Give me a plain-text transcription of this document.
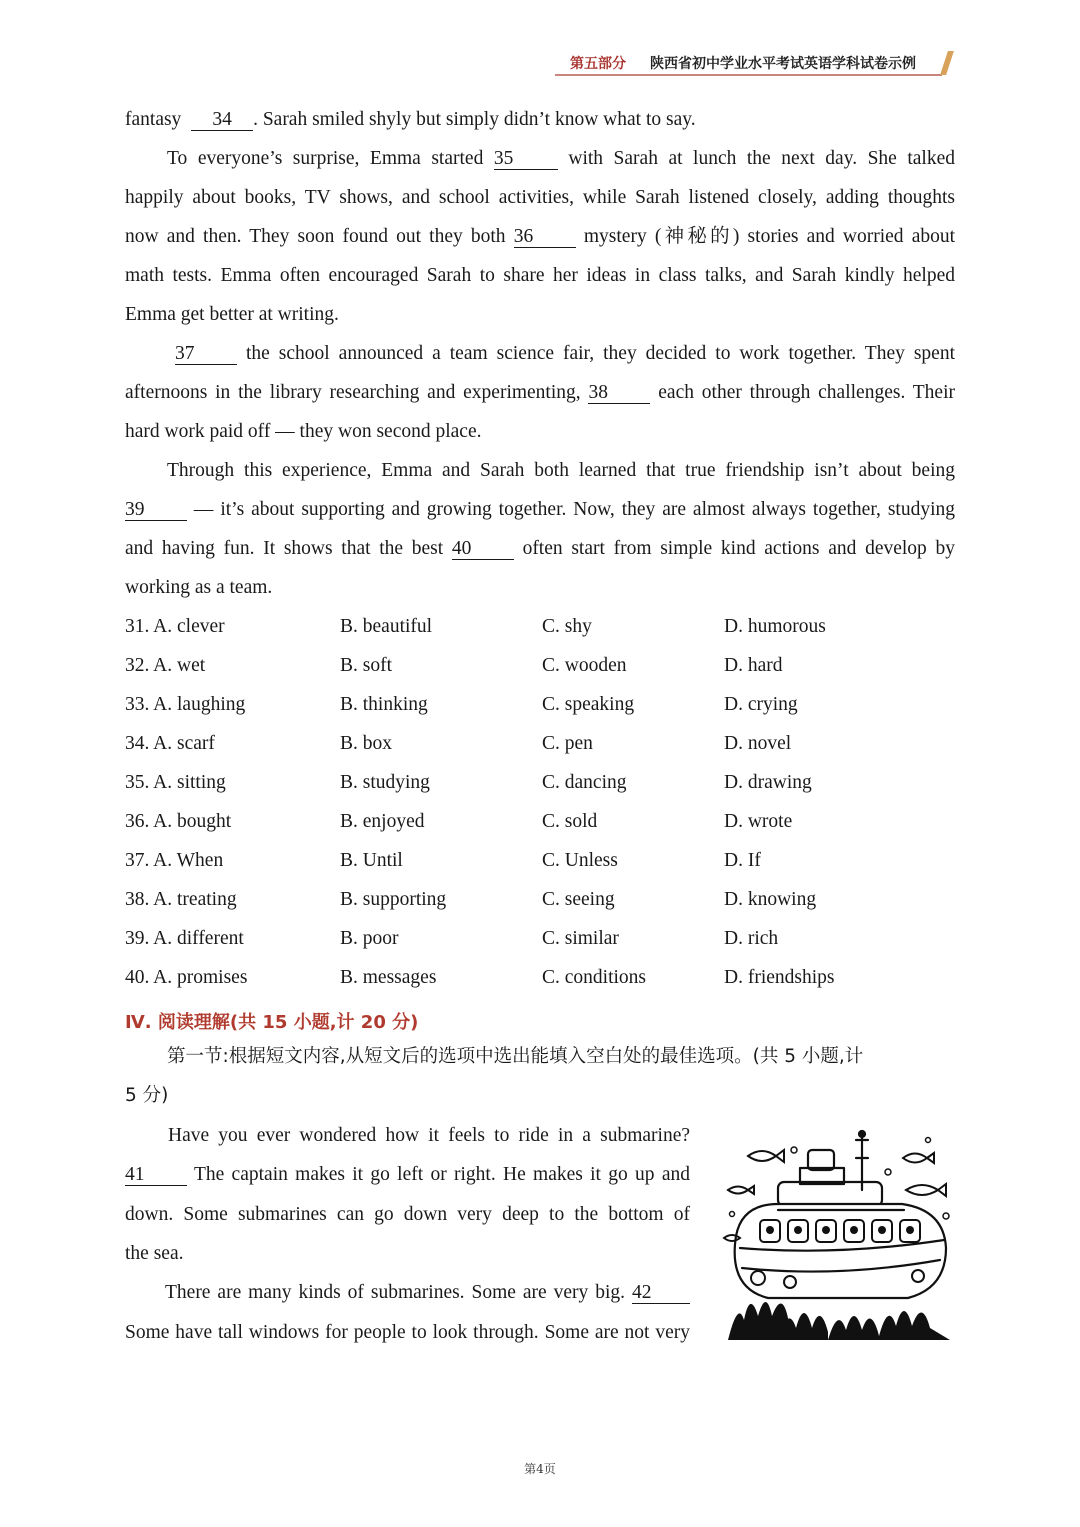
第五部分 陕西省初中学业水平考试英语学科试卷示例
fantasy 34 . Sarah smiled shyly but simply didn’t know what to say.
To everyone’s surprise, Emma started 35	with Sarah at lunch the next day. She talked
happily about books, TV shows, and school activities, while Sarah listened closely, adding thoughts
now and then. They soon found out they both 36	mystery (神秘的) stories and worried about
math tests. Emma often encouraged Sarah to share her ideas in class talks, and Sarah kindly helped
Emma get better at writing.
37	the school announced a team science fair, they decided to work together. They spent
afternoons in the library researching and experimenting, 38	each other through challenges. Their
hard work paid off — they won second place.
Through this experience, Emma and Sarah both learned that true friendship isn’t about being
39	— it’s about supporting and growing together. Now, they are almost always together, studying
and having fun. It shows that the best 40	often start from simple kind actions and develop by
working as a team.
31. A. clever	B. beautiful	C. shy	D. humorous
32. A. wet	B. soft	C. wooden	D. hard
33. A. laughing	B. thinking	C. speaking	D. crying
34. A. scarf	B. box	C. pen	D. novel
35. A. sitting	B. studying	C. dancing	D. drawing
36. A. bought	B. enjoyed	C. sold	D. wrote
37. A. When	B. Until	C. Unless	D. If
38. A. treating	B. supporting	C. seeing	D. knowing
39. A. different	B. poor	C. similar	D. rich
40. A. promises	B. messages	C. conditions	D. friendships
Ⅳ. 阅读理解(共 15 小题,计 20 分)
第一节:根据短文内容,从短文后的选项中选出能填入空白处的最佳选项。(共 5 小题,计
5 分)
Have you ever wondered how it feels to ride in a submarine?
41	The captain makes it go left or right. He makes it go up and
down. Some submarines can go down very deep to the bottom of
the sea.
There are many kinds of submarines. Some are very big. 42
Some have tall windows for people to look through. Some are not very
第4页
